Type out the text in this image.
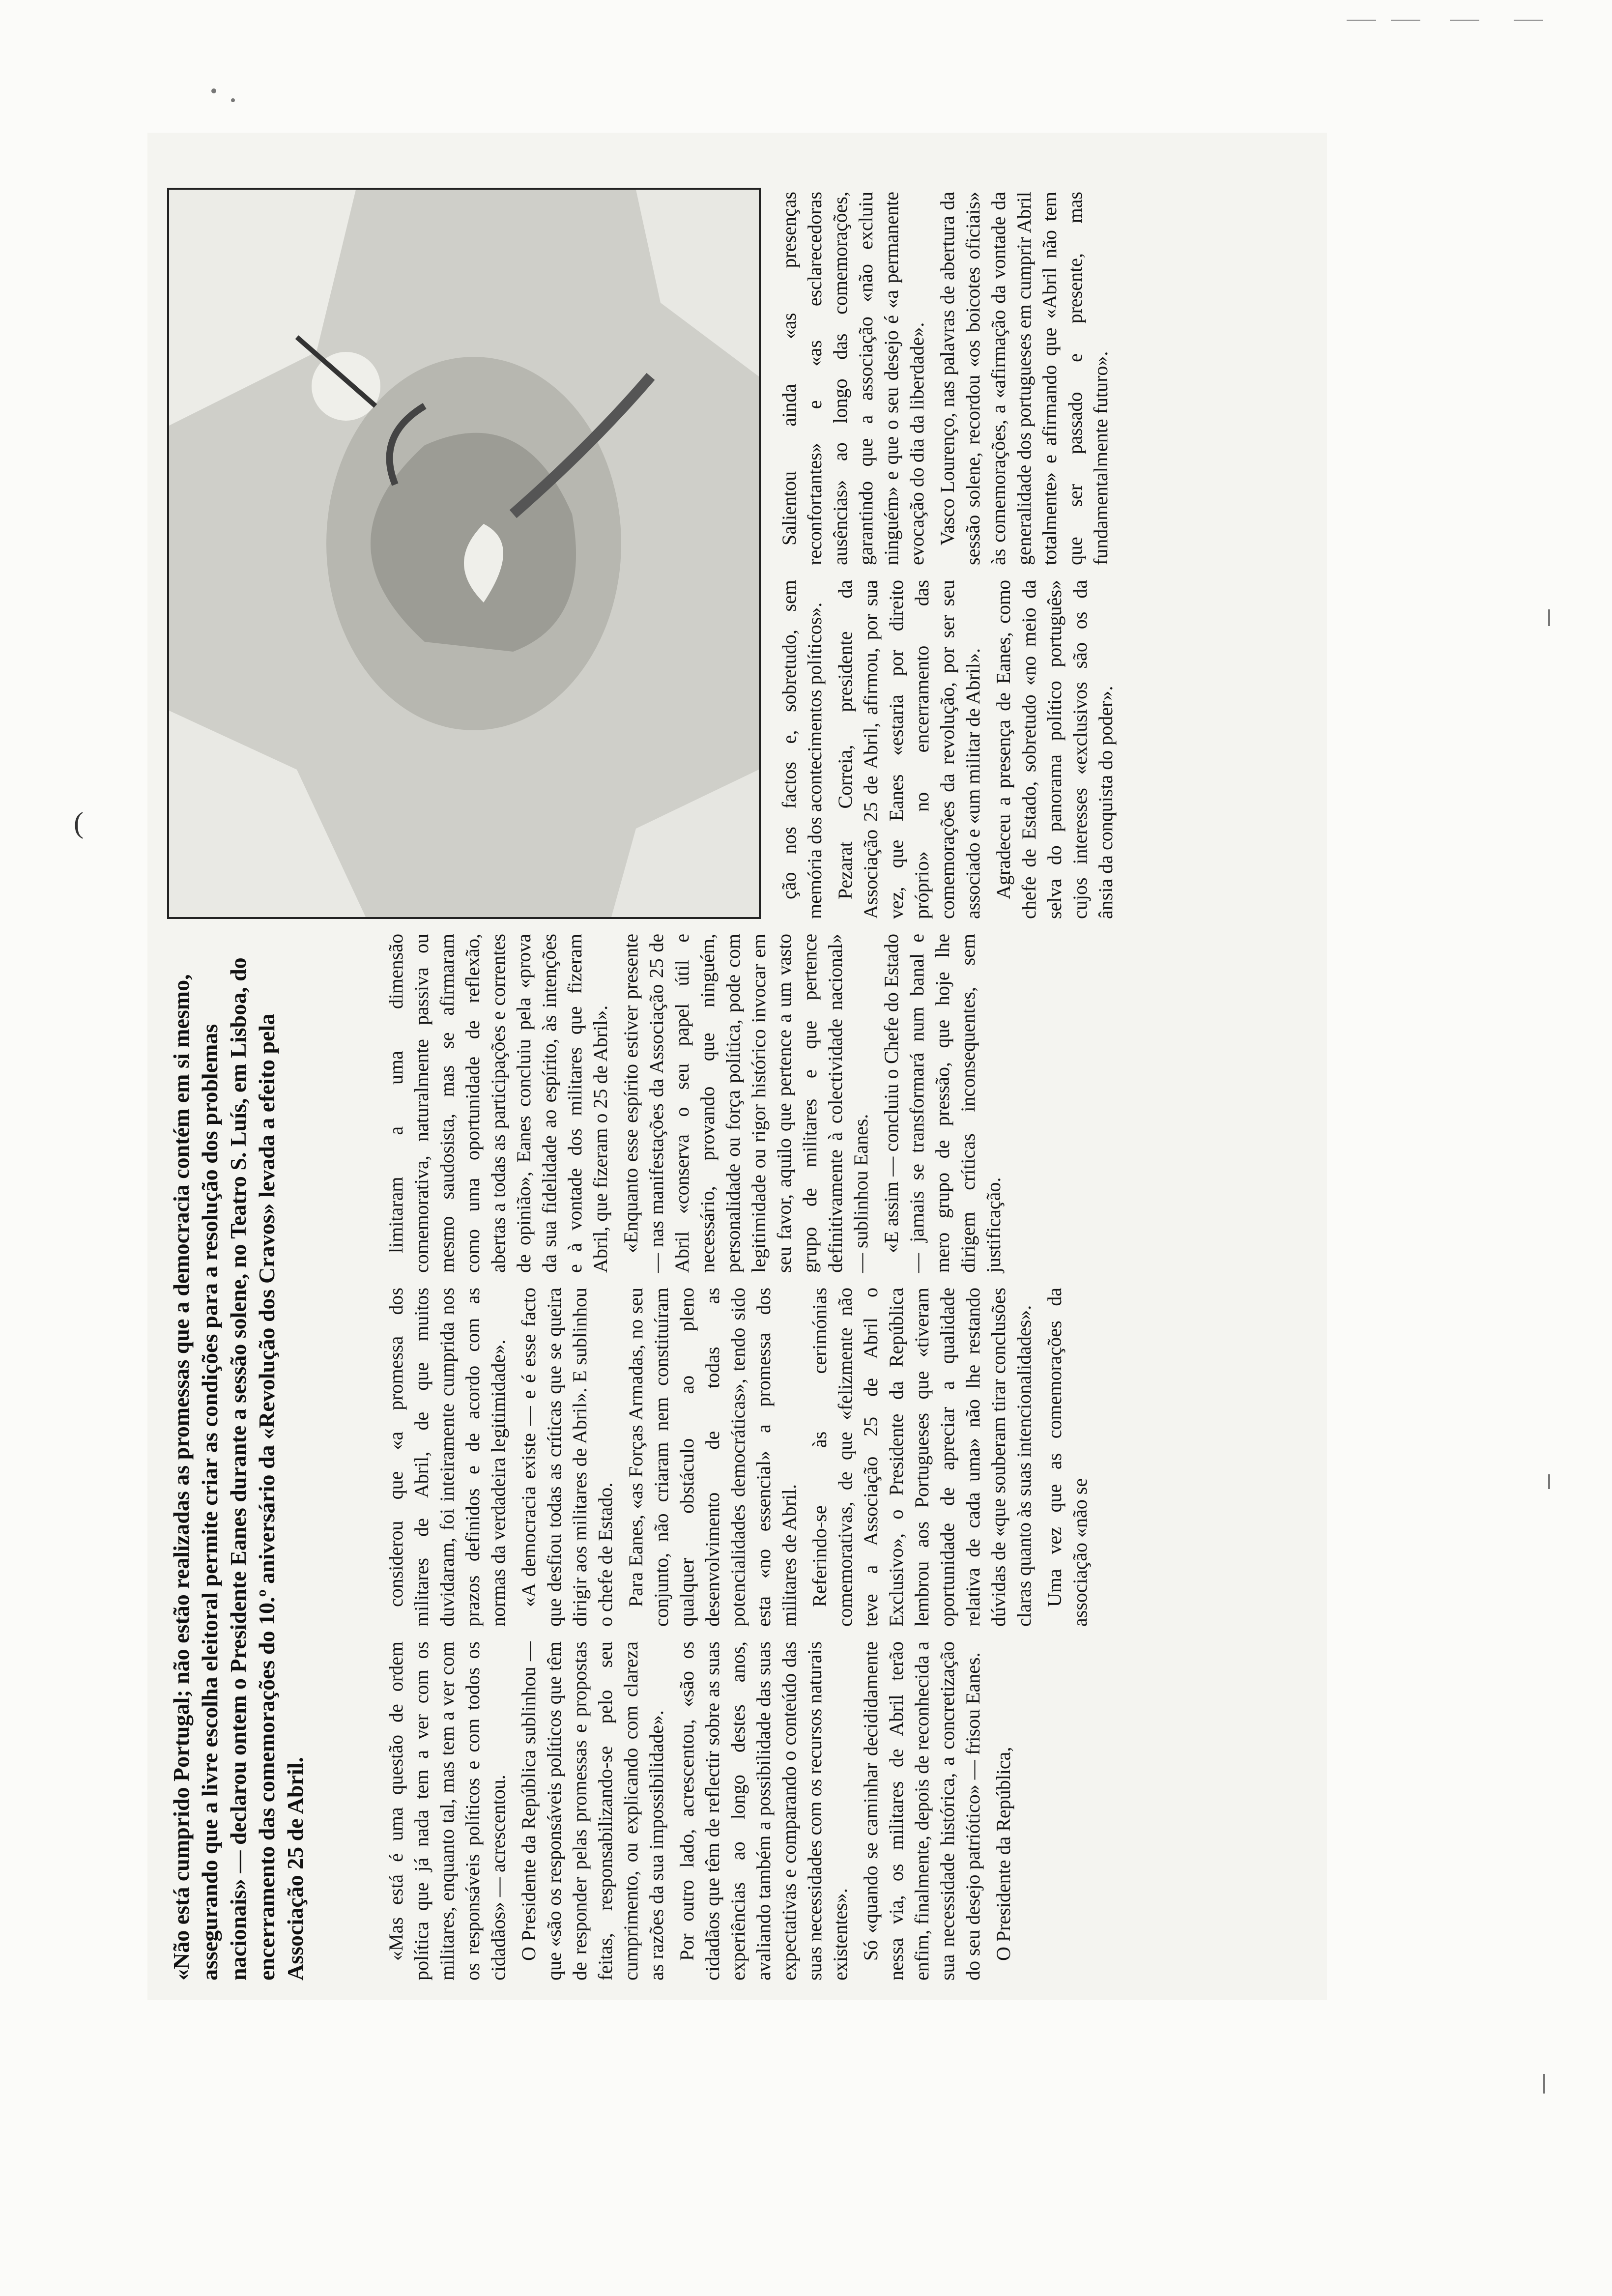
(
«Não está cumprido Portugal; não estão realizadas as promessas que a democracia contém em si mesmo, assegurando que a livre escolha eleitoral permite criar as condições para a resolução dos problemas nacionais» — declarou ontem o Presidente Eanes durante a sessão solene, no Teatro S. Luís, em Lisboa, do encerramento das comemorações do 10.º aniversário da «Revolução dos Cravos» levada a efeito pela Associação 25 de Abril.	«Mas está é uma questão de ordem política que já nada tem a ver com os militares, enquanto tal, mas tem a ver com os responsáveis políticos e com todos os cidadãos» — acrescentou. O Presidente da República sublinhou — que «são os responsáveis políticos que têm de responder pelas promessas e propostas feitas, responsabilizando-se pelo seu cumprimento, ou explicando com clareza as razões da sua impossibilidade». Por outro lado, acrescentou, «são os cidadãos que têm de reflectir sobre as suas experiências ao longo destes anos, avaliando também a possibilidade das suas expectativas e comparando o conteúdo das suas necessidades com os recursos naturais existentes». Só «quando se caminhar decididamente nessa via, os militares de Abril terão enfim, finalmente, depois de reconhecida a sua necessidade histórica, a concretização do seu desejo patriótico» — frisou Eanes. O Presidente da República,

considerou que «a promessa dos militares de Abril, de que muitos duvidaram, foi inteiramente cumprida nos prazos definidos e de acordo com as normas da verdadeira legitimidade». «A democracia existe — e é esse facto que desfiou todas as críticas que se queira dirigir aos militares de Abril». E sublinhou o chefe de Estado. Para Eanes, «as Forças Armadas, no seu conjunto, não criaram nem constituíram qualquer obstáculo ao pleno desenvolvimento de todas as potencialidades democráticas», tendo sido esta «no essencial» a promessa dos militares de Abril. Referindo-se às cerimónias comemorativas, de que «felizmente não teve a Associação 25 de Abril o Exclusivo», o Presidente da República lembrou aos Portugueses que «tiveram oportunidade de apreciar a qualidade relativa de cada uma» não lhe restando dúvidas de «que souberam tirar conclusões claras quanto às suas intencionalidades». Uma vez que as comemorações da associação «não se

limitaram a uma dimensão comemorativa, naturalmente passiva ou mesmo saudosista, mas se afirmaram como uma oportunidade de reflexão, abertas a todas as participações e correntes de opinião», Eanes concluiu pela «prova da sua fidelidade ao espírito, às intenções e à vontade dos militares que fizeram Abril, que fizeram o 25 de Abril». «Enquanto esse espírito estiver presente — nas manifestações da Associação 25 de Abril «conserva o seu papel útil e necessário, provando que ninguém, personalidade ou força política, pode com legitimidade ou rigor histórico invocar em seu favor, aquilo que pertence a um vasto grupo de militares e que pertence definitivamente à colectividade nacional» — sublinhou Eanes. «E assim — concluiu o Chefe do Estado — jamais se transformará num banal e mero grupo de pressão, que hoje lhe dirigem críticas inconsequentes, sem justificação.

ção nos factos e, sobretudo, sem memória dos acontecimentos políticos». Pezarat Correia, presidente da Associação 25 de Abril, afirmou, por sua vez, que Eanes «estaria por direito próprio» no encerramento das comemorações da revolução, por ser seu associado e «um militar de Abril». Agradeceu a presença de Eanes, como chefe de Estado, sobretudo «no meio da selva do panorama político português» cujos interesses «exclusivos são os da ânsia da conquista do poder».

Salientou ainda «as presenças reconfortantes» e «as esclarecedoras ausências» ao longo das comemorações, garantindo que a associação «não excluiu ninguém» e que o seu desejo é «a permanente evocação do dia da liberdade». Vasco Lourenço, nas palavras de abertura da sessão solene, recordou «os boicotes oficiais» às comemorações, a «afirmação da vontade da generalidade dos portugueses em cumprir Abril totalmente» e afirmando que «Abril não tem que ser passado e presente, mas fundamentalmente futuro».
